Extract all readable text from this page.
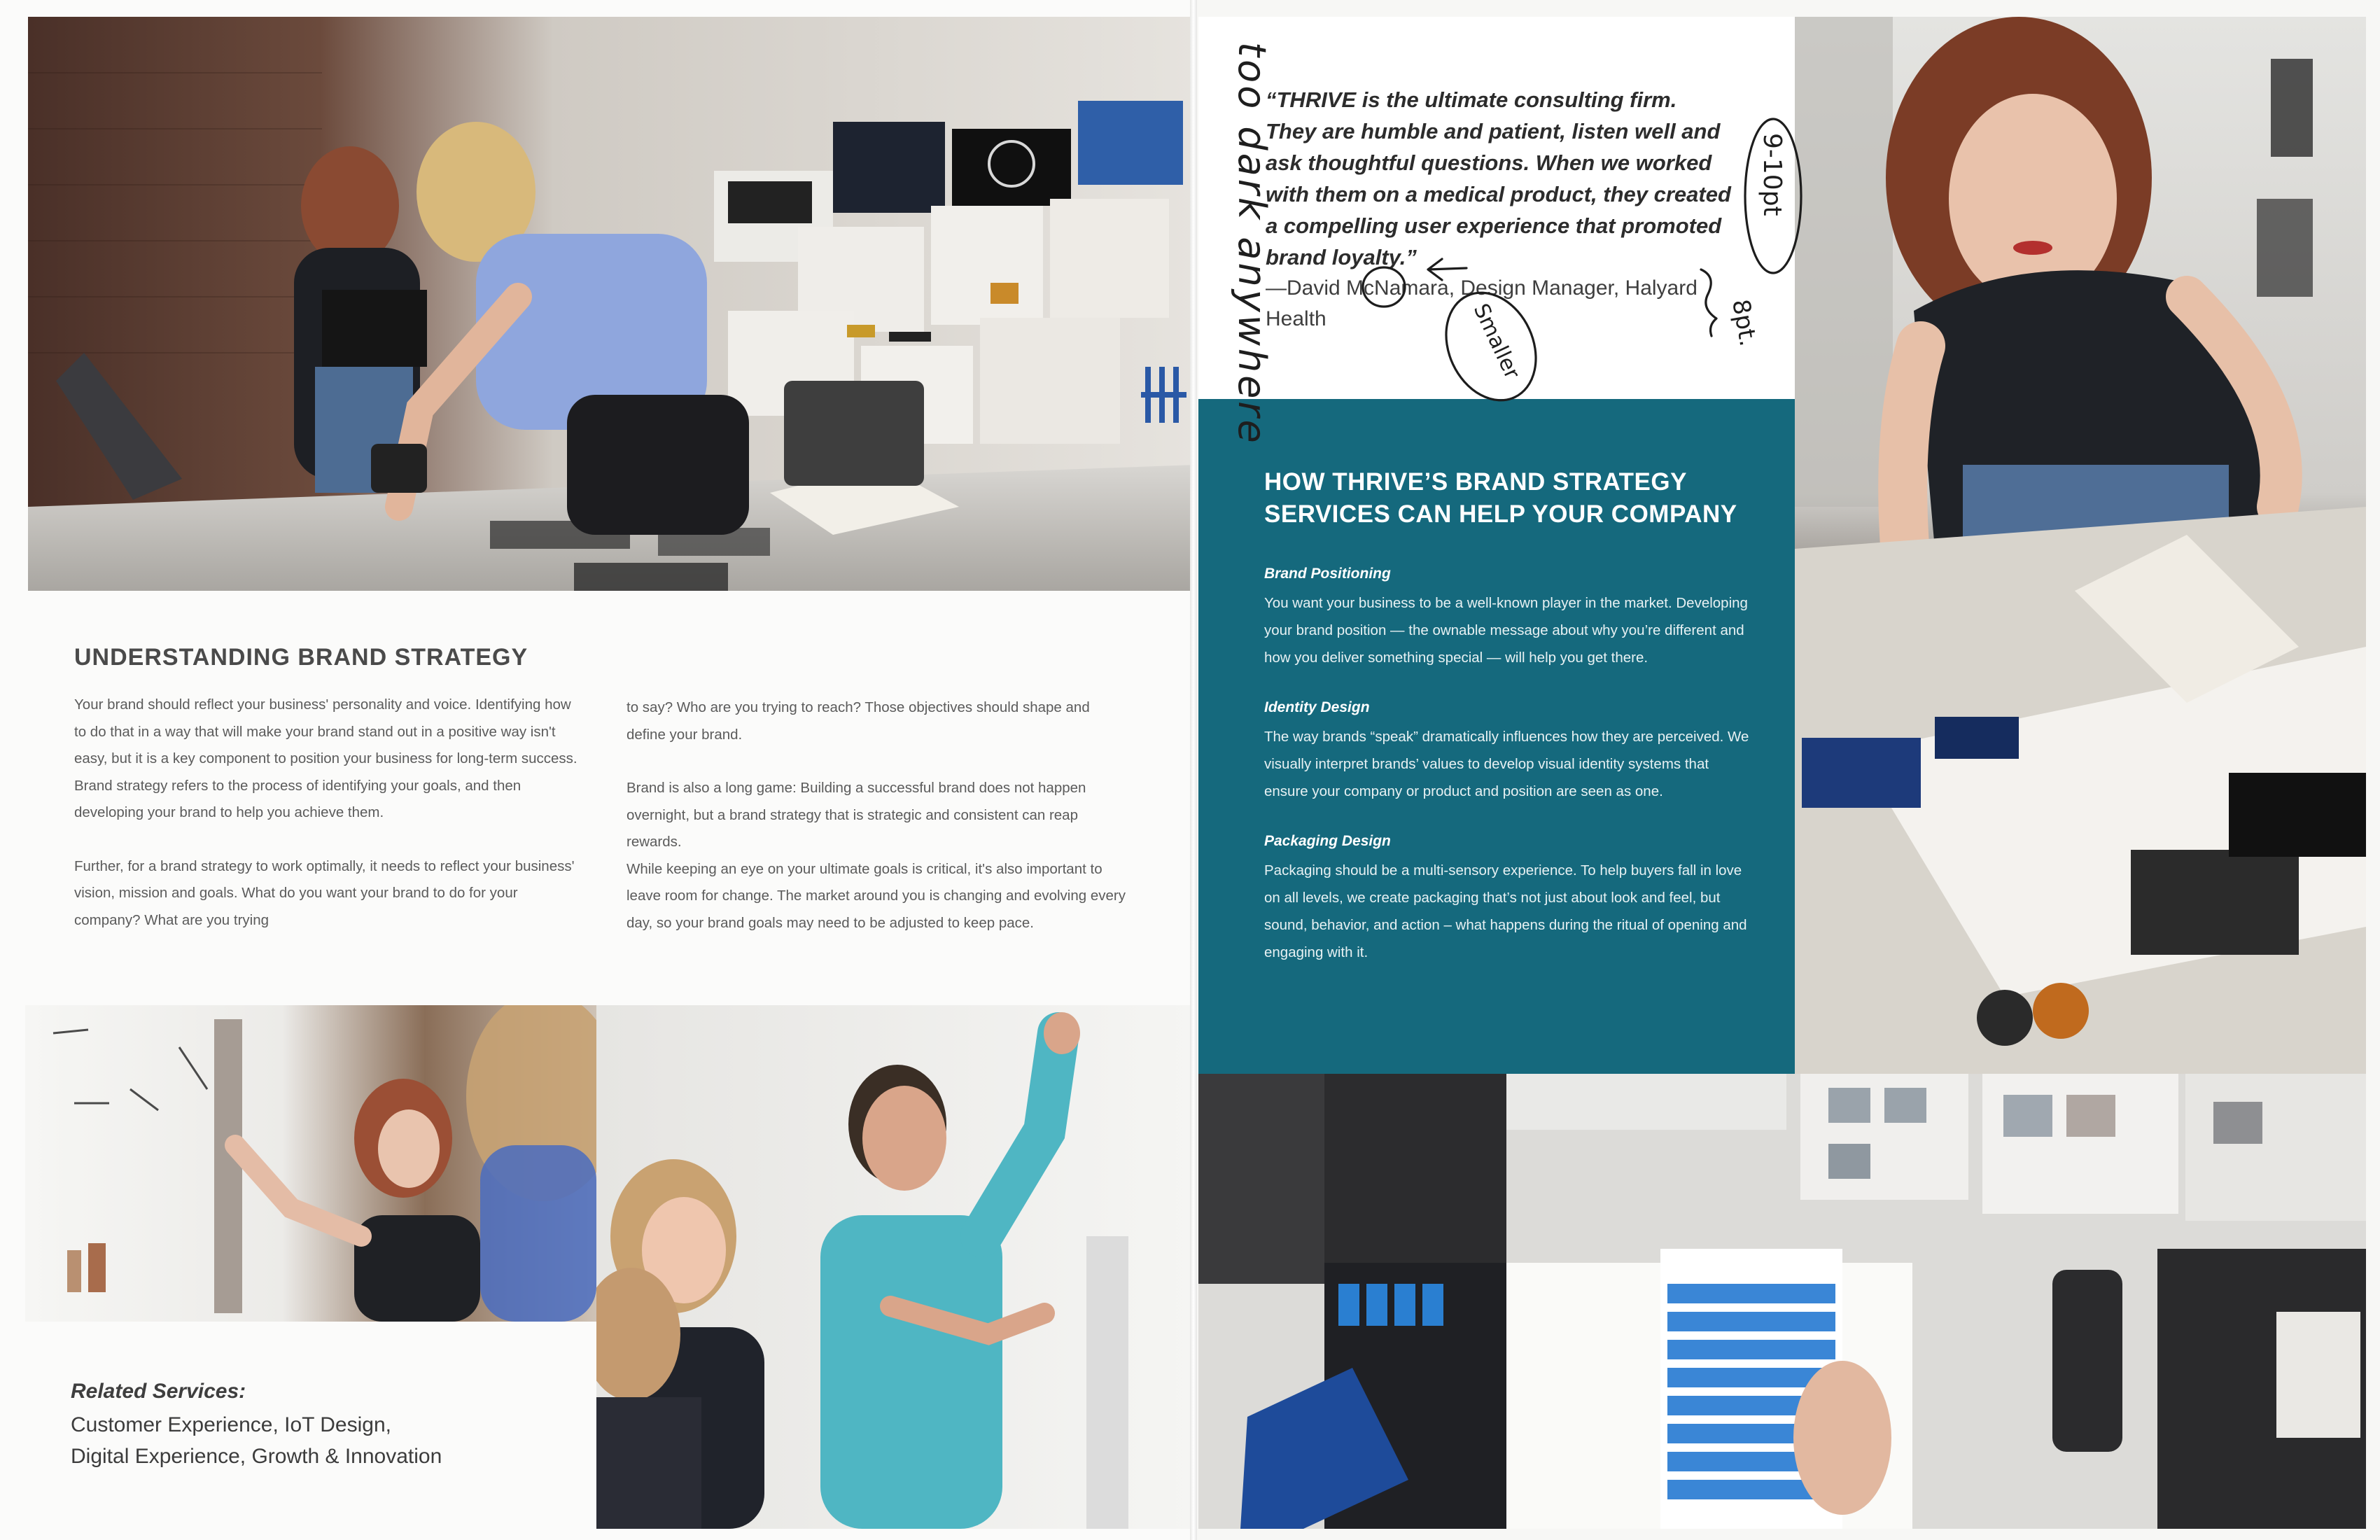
UNDERSTANDING BRAND STRATEGY

Your brand should reflect your business' personality and voice. Identifying how to do that in a way that will make your brand stand out in a positive way isn't easy, but it is a key component to position your business for long-term success. Brand strategy refers to the process of identifying your goals, and then developing your brand to help you achieve them.

Further, for a brand strategy to work optimally, it needs to reflect your business' vision, mission and goals. What do you want your brand to do for your company? What are you trying

to say? Who are you trying to reach? Those objectives should shape and define your brand.

Brand is also a long game: Building a successful brand does not happen overnight, but a brand strategy that is strategic and consistent can reap rewards.

While keeping an eye on your ultimate goals is critical, it's also important to leave room for change. The market around you is changing and evolving every day, so your brand goals may need to be adjusted to keep pace.

Related Services:
Customer Experience, IoT Design,
Digital Experience, Growth & Innovation
“THRIVE is the ultimate consulting firm.
They are humble and patient, listen well and
ask thoughtful questions. When we worked
with them on a medical product, they created
a compelling user experience that promoted
brand loyalty.”
—David McNamara, Design Manager, Halyard
Health
HOW THRIVE’S BRAND STRATEGY
SERVICES CAN HELP YOUR COMPANY
Brand Positioning
You want your business to be a well-known player in the market. Developing your brand position — the ownable message about why you’re different and how you deliver something special — will help you get there.
Identity Design
The way brands “speak” dramatically influences how they are perceived. We visually interpret brands’ values to develop visual identity systems that ensure your company or product and position are seen as one.
Packaging Design
Packaging should be a multi-sensory experience. To help buyers fall in love on all levels, we create packaging that’s not just about look and feel, but sound, behavior, and action – what happens during the ritual of opening and engaging with it.
too dark anywhere	9-10pt
8pt.
Smaller
